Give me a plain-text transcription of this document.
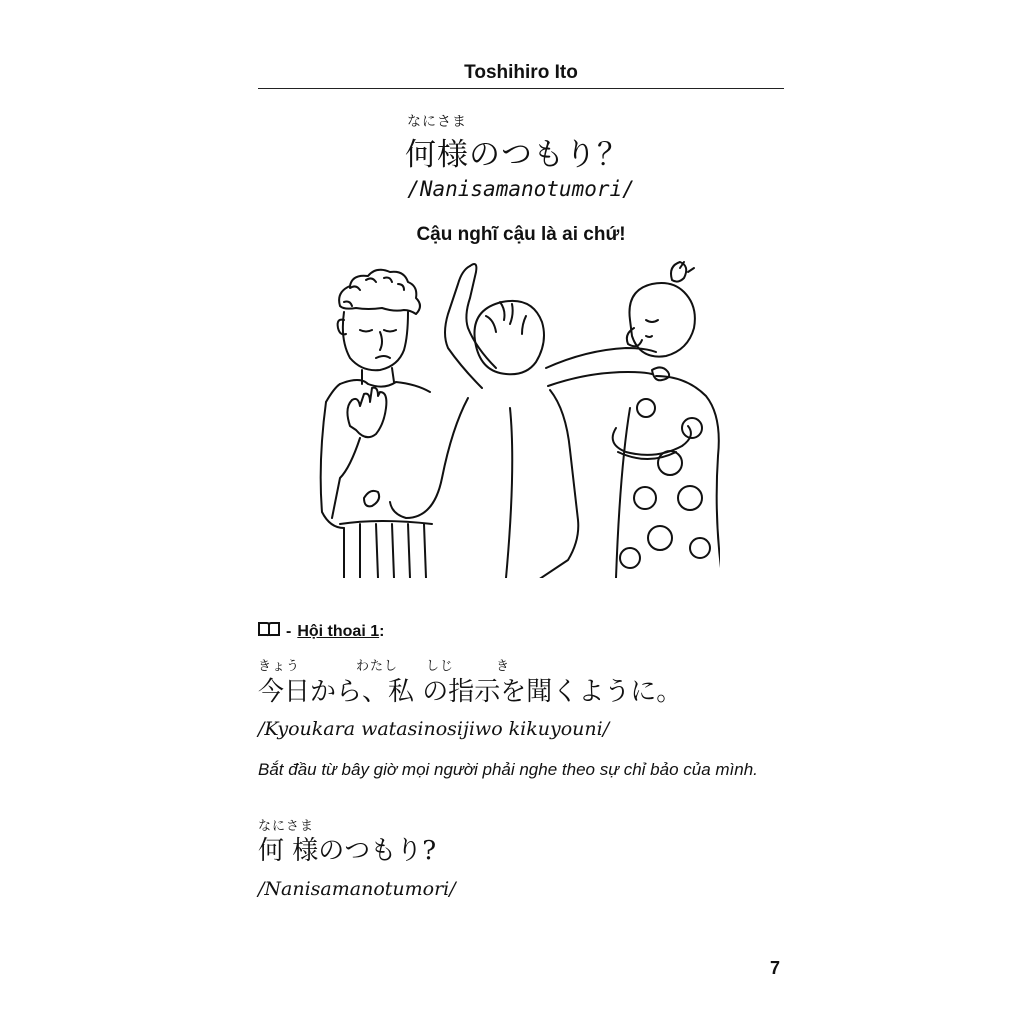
Toshihiro Ito
なにさま
何様のつもり？
/Nanisamanotumori/
Cậu nghĩ cậu là ai chứ!
- Hội thoai 1 :
きょう　　　　わたし　　しじ　　　き
今日から、私 の指示を聞くように。
/Kyoukara watasinosijiwo kikuyouni/
Bắt đầu từ bây giờ mọi người phải nghe theo sự chỉ bảo của mình.
なにさま
何 様のつもり?
/Nanisamanotumori/
7
